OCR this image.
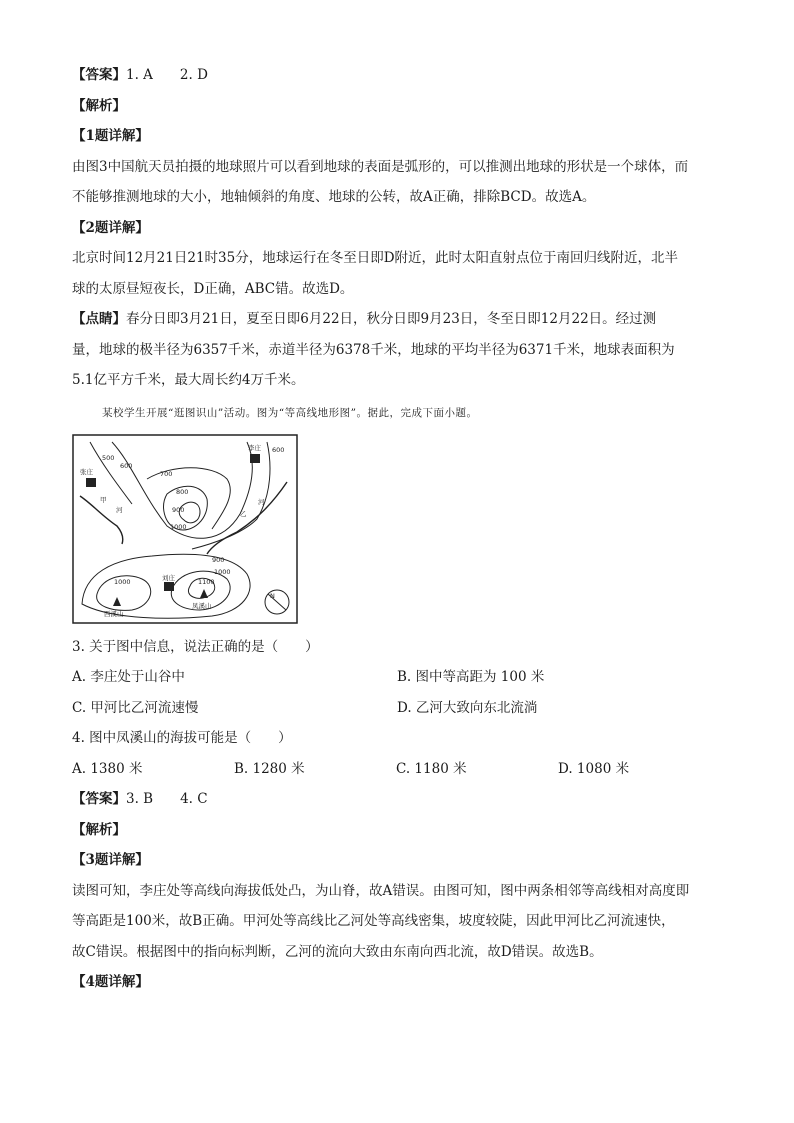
【答案】1. A　　2. D
【解析】
【1题详解】
由图3中国航天员拍摄的地球照片可以看到地球的表面是弧形的，可以推测出地球的形状是一个球体，而
不能够推测地球的大小，地轴倾斜的角度、地球的公转，故A正确，排除BCD。故选A。
【2题详解】
北京时间12月21日21时35分，地球运行在冬至日即D附近，此时太阳直射点位于南回归线附近，北半
球的太原昼短夜长，D正确，ABC错。故选D。
【点睛】春分日即3月21日，夏至日即6月22日，秋分日即9月23日，冬至日即12月22日。经过测
量，地球的极半径为6357千米，赤道半径为6378千米，地球的平均半径为6371千米，地球表面积为
5.1亿平方千米，最大周长约4万千米。
某校学生开展“逛图识山”活动。图为“等高线地形图”。据此，完成下面小题。
500
600
600
700
800
900
1000
900
1000
1000
1100
张庄
李庄
刘庄
西溪山
凤溪山
甲
乙
河
河
N
3. 关于图中信息，说法正确的是（　　）
A. 李庄处于山谷中	B. 图中等高距为 100 米
C. 甲河比乙河流速慢	D. 乙河大致向东北流淌
4. 图中凤溪山的海拔可能是（　　）
A. 1380 米	B. 1280 米	C. 1180 米	D. 1080 米
【答案】3. B　　4. C
【解析】
【3题详解】
读图可知，李庄处等高线向海拔低处凸，为山脊，故A错误。由图可知，图中两条相邻等高线相对高度即
等高距是100米，故B正确。甲河处等高线比乙河处等高线密集，坡度较陡，因此甲河比乙河流速快，
故C错误。根据图中的指向标判断，乙河的流向大致由东南向西北流，故D错误。故选B。
【4题详解】
